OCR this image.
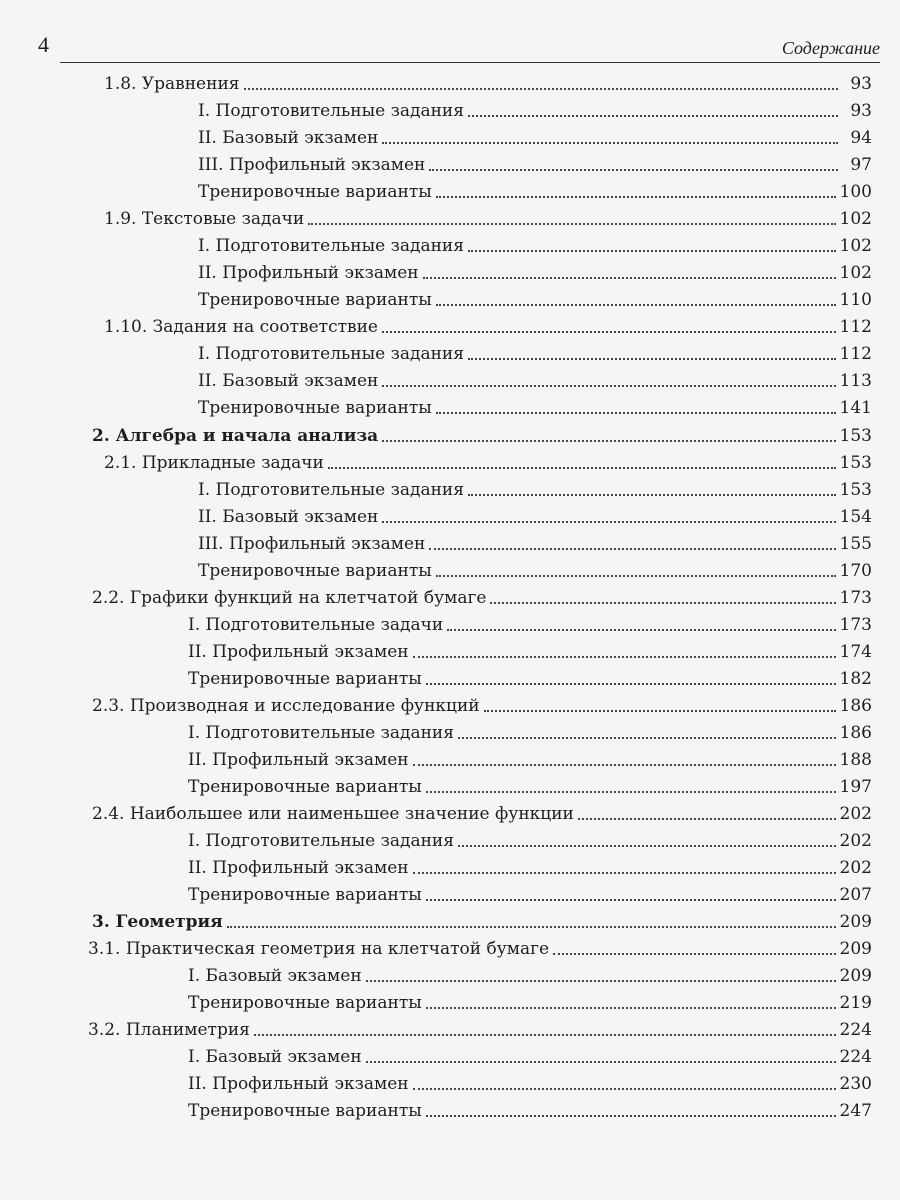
4	Содержание
1.8. Уравнения	93
I. Подготовительные задания	93
II. Базовый экзамен	94
III. Профильный экзамен	97
Тренировочные варианты	100
1.9. Текстовые задачи	102
I. Подготовительные задания	102
II. Профильный экзамен	102
Тренировочные варианты	110
1.10. Задания на соответствие	112
I. Подготовительные задания	112
II. Базовый экзамен	113
Тренировочные варианты	141
2. Алгебра и начала анализа	153
2.1. Прикладные задачи	153
I. Подготовительные задания	153
II. Базовый экзамен	154
III. Профильный экзамен	155
Тренировочные варианты	170
2.2. Графики функций на клетчатой бумаге	173
I. Подготовительные задачи	173
II. Профильный экзамен	174
Тренировочные варианты	182
2.3. Производная и исследование функций	186
I. Подготовительные задания	186
II. Профильный экзамен	188
Тренировочные варианты	197
2.4. Наибольшее или наименьшее значение функции	202
I. Подготовительные задания	202
II. Профильный экзамен	202
Тренировочные варианты	207
3. Геометрия	209
3.1. Практическая геометрия на клетчатой бумаге	209
I. Базовый экзамен	209
Тренировочные варианты	219
3.2. Планиметрия	224
I. Базовый экзамен	224
II. Профильный экзамен	230
Тренировочные варианты	247
